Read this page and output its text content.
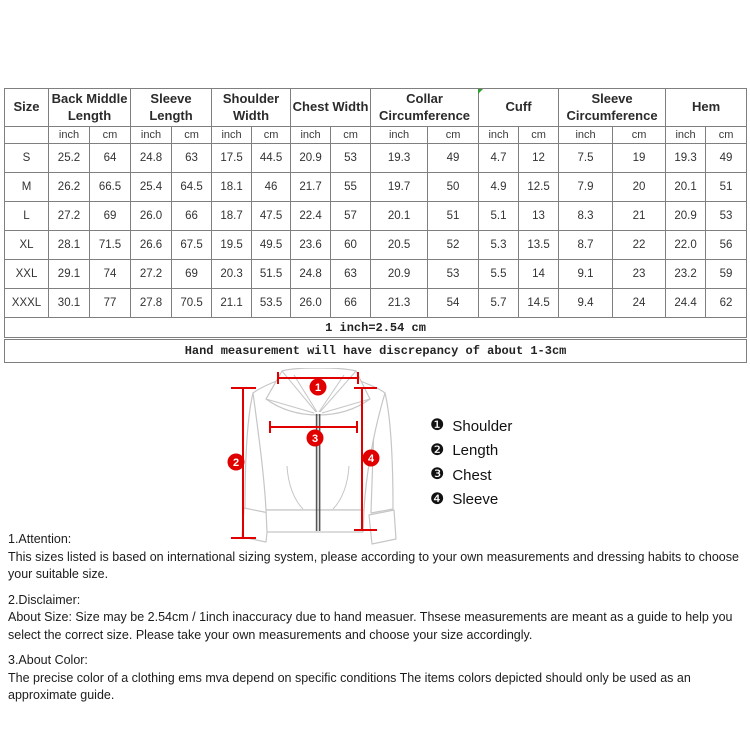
Size	Back Middle Length		Sleeve Length		Shoulder Width		Chest Width		Collar Circumference		Cuff		Sleeve Circumference		Hem	
	inch	cm	inch	cm	inch	cm	inch	cm	inch	cm	inch	cm	inch	cm	inch	cm
S	25.2	64	24.8	63	17.5	44.5	20.9	53	19.3	49	4.7	12	7.5	19	19.3	49
M	26.2	66.5	25.4	64.5	18.1	46	21.7	55	19.7	50	4.9	12.5	7.9	20	20.1	51
L	27.2	69	26.0	66	18.7	47.5	22.4	57	20.1	51	5.1	13	8.3	21	20.9	53
XL	28.1	71.5	26.6	67.5	19.5	49.5	23.6	60	20.5	52	5.3	13.5	8.7	22	22.0	56
XXL	29.1	74	27.2	69	20.3	51.5	24.8	63	20.9	53	5.5	14	9.1	23	23.2	59
XXXL	30.1	77	27.8	70.5	21.1	53.5	26.0	66	21.3	54	5.7	14.5	9.4	24	24.4	62
1 inch=2.54 cm																
Hand measurement will have discrepancy of about 1-3cm																
1
2
3
4
❶ Shoulder
❷ Length
❸ Chest
❹ Sleeve
1.Attention:
This sizes listed is based on international sizing system, please according to your own measurements and dressing habits to choose your suitable size.
2.Disclaimer:
About Size: Size may be 2.54cm / 1inch inaccuracy due to hand measuer. Thsese measurements are meant as a guide to help you select the correct size. Please take your own measurements and choose your size accordingly.
3.About Color:
The precise color of a clothing ems mva depend on specific conditions The items colors depicted should only be used as an approximate guide.
